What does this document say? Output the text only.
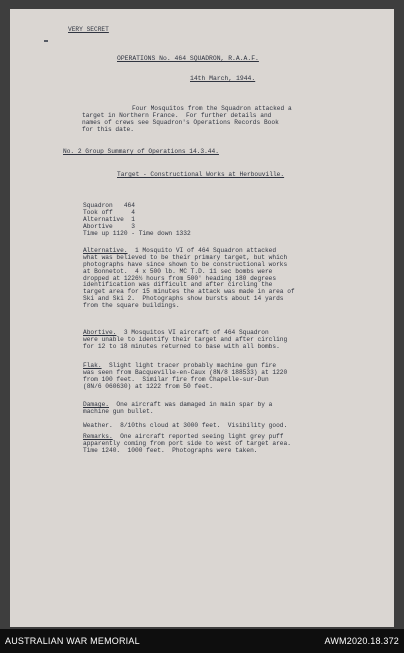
VERY SECRET
OPERATIONS No. 464 SQUADRON, R.A.A.F.
14th March, 1944.

Four Mosquitos from the Squadron attacked a
target in Northern France.  For further details and
names of crews see Squadron's Operations Records Book
for this date.

No. 2 Group Summary of Operations 14.3.44.
Target - Constructional Works at Herbouville.

Squadron   464
Took off     4
Alternative  1
Abortive     3
Time up 1120 - Time down 1332

Alternative.  1 Mosquito VI of 464 Squadron attacked
what was believed to be their primary target, but which
photographs have since shown to be constructional works
at Bonnetot.  4 x 500 lb. MC T.D. 11 sec bombs were
dropped at 1226½ hours from 500' heading 180 degrees
identification was difficult and after circling the
target area for 15 minutes the attack was made in area of
Ski and Ski 2.  Photographs show bursts about 14 yards
from the square buildings.

Abortive.  3 Mosquitos VI aircraft of 464 Squadron
were unable to identify their target and after circling
for 12 to 18 minutes returned to base with all bombs.

Flak.  Slight light tracer probably machine gun fire
was seen from Bacqueville-en-Caux (8N/8 188533) at 1220
from 100 feet.  Similar fire from Chapelle-sur-Dun
(8N/6 060630) at 1222 from 50 feet.

Damage.  One aircraft was damaged in main spar by a
machine gun bullet.

Weather.  8/10ths cloud at 3000 feet.  Visibility good.

Remarks.  One aircraft reported seeing light grey puff
apparently coming from port side to west of target area.
Time 1240.  1000 feet.  Photographs were taken.

AUSTRALIAN WAR MEMORIAL	AWM2020.18.372
